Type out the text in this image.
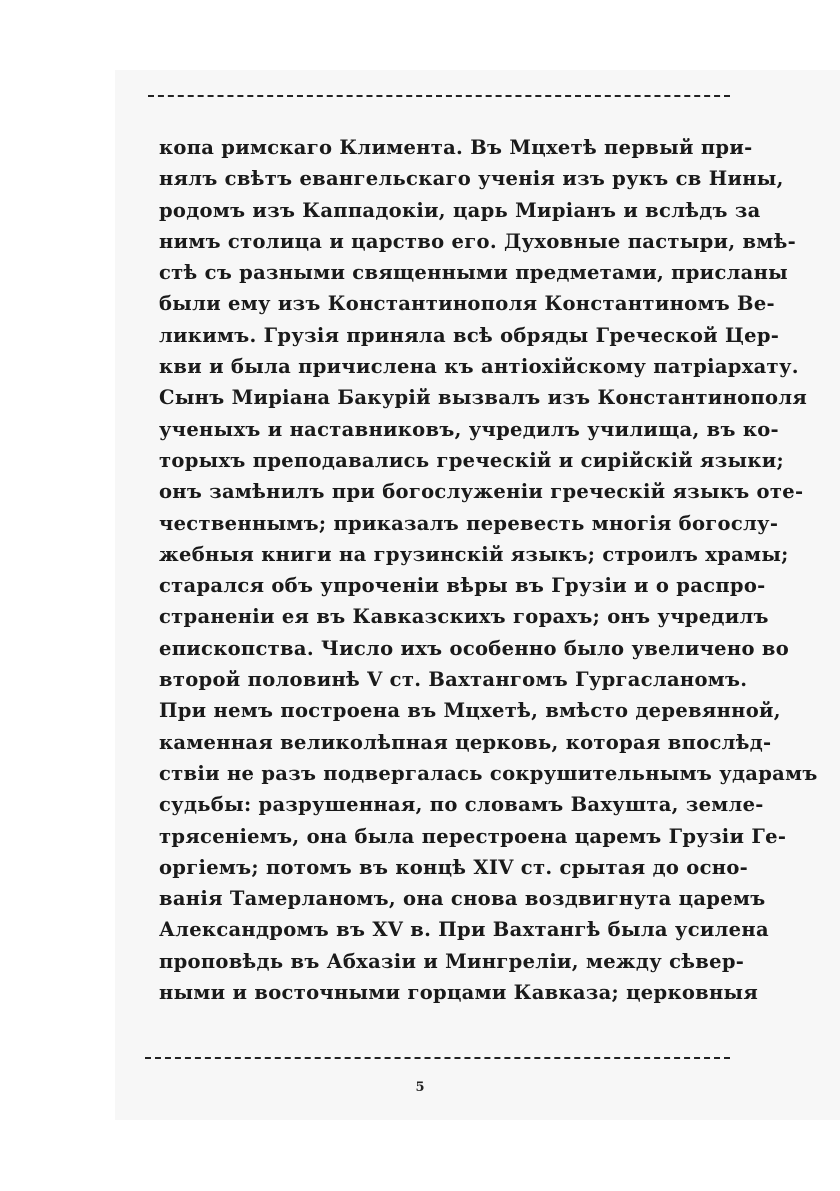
копа римскаго Климента. Въ Мцхетѣ первый при-
нялъ свѣтъ евангельскаго ученія изъ рукъ св Нины,
родомъ изъ Каппадокіи, царь Миріанъ и вслѣдъ за
нимъ столица и царство его. Духовные пастыри, вмѣ-
стѣ съ разными священными предметами, присланы
были ему изъ Константинополя Константиномъ Ве-
ликимъ. Грузія приняла всѣ обряды Греческой Цер-
кви и была причислена къ антіохійскому патріархату.
Сынъ Миріана Бакурій вызвалъ изъ Константинополя
ученыхъ и наставниковъ, учредилъ училища, въ ко-
торыхъ преподавались греческій и сирійскій языки;
онъ замѣнилъ при богослуженіи греческій языкъ оте-
чественнымъ; приказалъ перевесть многія богослу-
жебныя книги на грузинскій языкъ; строилъ храмы;
старался объ упроченіи вѣры въ Грузіи и о распро-
страненіи ея въ Кавказскихъ горахъ; онъ учредилъ
епископства. Число ихъ особенно было увеличено во
второй половинѣ V ст. Вахтангомъ Гургасланомъ.
При немъ построена въ Мцхетѣ, вмѣсто деревянной,
каменная великолѣпная церковь, которая впослѣд-
ствіи не разъ подвергалась сокрушительнымъ ударамъ
судьбы: разрушенная, по словамъ Вахушта, земле-
трясеніемъ, она была перестроена царемъ Грузіи Ге-
оргіемъ; потомъ въ концѣ XIV ст. срытая до осно-
ванія Тамерланомъ, она снова воздвигнута царемъ
Александромъ въ XV в. При Вахтангѣ была усилена
проповѣдь въ Абхазіи и Мингреліи, между сѣвер-
ными и восточными горцами Кавказа; церковныя
5
